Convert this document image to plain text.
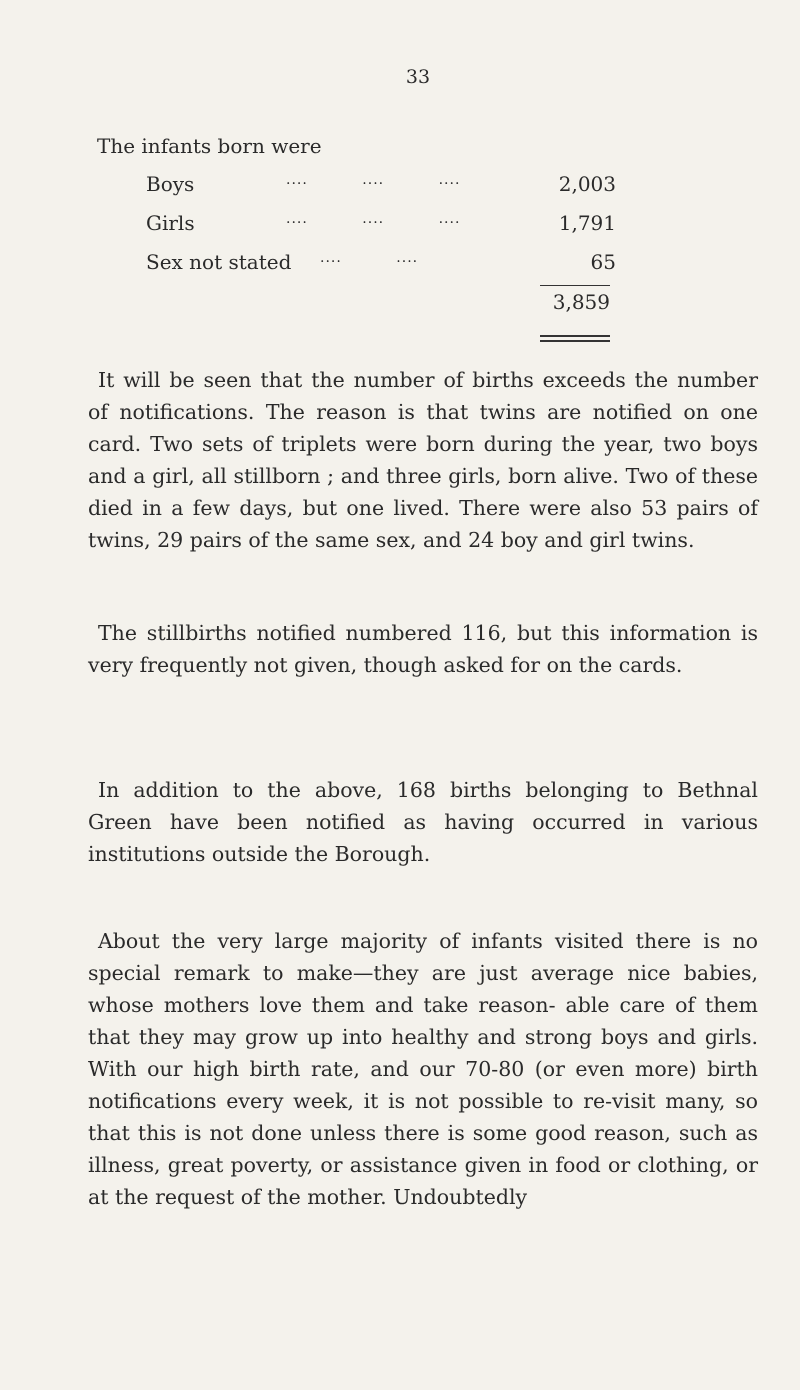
33
The infants born were
Boys	....          ....          ....	2,003
Girls	....          ....          ....	1,791
Sex not stated ....          ....	65
3,859
It will be seen that the number of births exceeds the number of notifications. The reason is that twins are notified on one card. Two sets of triplets were born during the year, two boys and a girl, all stillborn ; and three girls, born alive. Two of these died in a few days, but one lived. There were also 53 pairs of twins, 29 pairs of the same sex, and 24 boy and girl twins.
The stillbirths notified numbered 116, but this information is very frequently not given, though asked for on the cards.
In addition to the above, 168 births belonging to Bethnal Green have been notified as having occurred in various institutions outside the Borough.
About the very large majority of infants visited there is no special remark to make—they are just average nice babies, whose mothers love them and take reason- able care of them that they may grow up into healthy and strong boys and girls. With our high birth rate, and our 70-80 (or even more) birth notifications every week, it is not possible to re-visit many, so that this is not done unless there is some good reason, such as illness, great poverty, or assistance given in food or clothing, or at the request of the mother. Undoubtedly
